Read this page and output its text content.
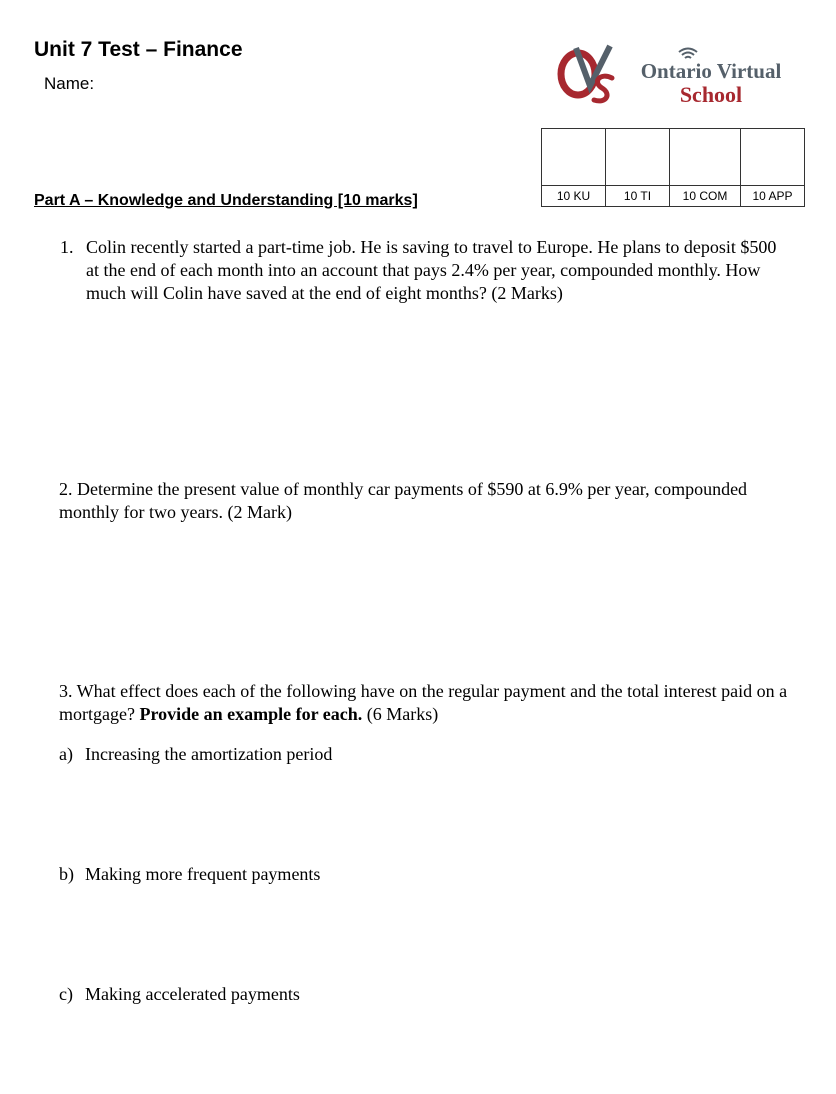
Unit 7 Test – Finance
Name:
Ontario Virtual
School

10 KU	10 TI	10 COM	10 APP
Part A – Knowledge and Understanding [10 marks]
1. Colin recently started a part-time job. He is saving to travel to Europe. He plans to deposit $500 at the end of each month into an account that pays 2.4% per year, compounded monthly. How much will Colin have saved at the end of eight months? (2 Marks)
2. Determine the present value of monthly car payments of $590 at 6.9% per year, compounded monthly for two years. (2 Mark)
3. What effect does each of the following have on the regular payment and the total interest paid on a mortgage? Provide an example for each. (6 Marks)
a) Increasing the amortization period
b) Making more frequent payments
c) Making accelerated payments
